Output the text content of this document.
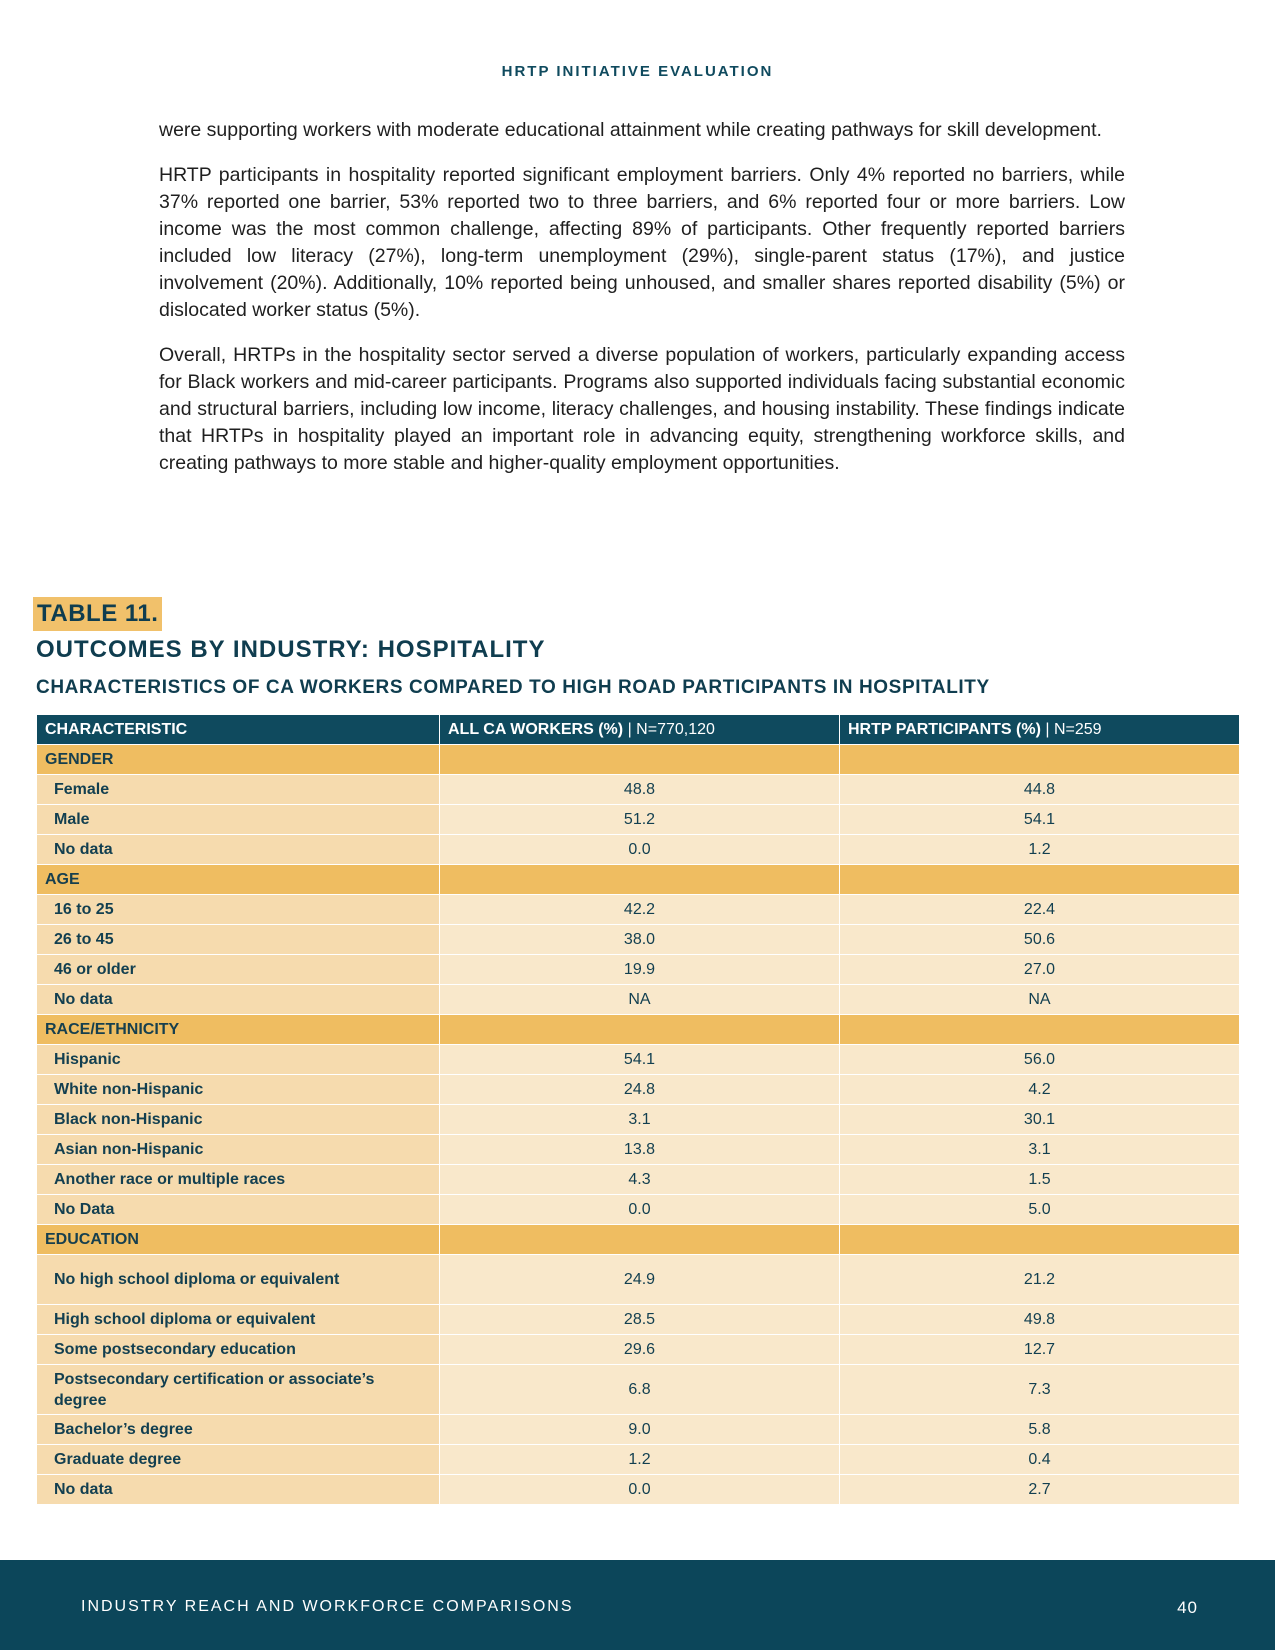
HRTP INITIATIVE EVALUATION

were supporting workers with moderate educational attainment while creating pathways for skill development.

HRTP participants in hospitality reported significant employment barriers. Only 4% reported no barriers, while 37% reported one barrier, 53% reported two to three barriers, and 6% reported four or more barriers. Low income was the most common challenge, affecting 89% of participants. Other frequently reported barriers included low literacy (27%), long-term unemployment (29%), single-parent status (17%), and justice involvement (20%). Additionally, 10% reported being unhoused, and smaller shares reported disability (5%) or dislocated worker status (5%).

Overall, HRTPs in the hospitality sector served a diverse population of workers, particularly expanding access for Black workers and mid-career participants. Programs also supported individuals facing substantial economic and structural barriers, including low income, literacy challenges, and housing instability. These findings indicate that HRTPs in hospitality played an important role in advancing equity, strengthening workforce skills, and creating pathways to more stable and higher-quality employment opportunities.

TABLE 11.
OUTCOMES BY INDUSTRY: HOSPITALITY
CHARACTERISTICS OF CA WORKERS COMPARED TO HIGH ROAD PARTICIPANTS IN HOSPITALITY
CHARACTERISTIC	ALL CA WORKERS (%) | N=770,120	HRTP PARTICIPANTS (%) | N=259
GENDER		
Female	48.8	44.8
Male	51.2	54.1
No data	0.0	1.2
AGE		
16 to 25	42.2	22.4
26 to 45	38.0	50.6
46 or older	19.9	27.0
No data	NA	NA
RACE/ETHNICITY		
Hispanic	54.1	56.0
White non-Hispanic	24.8	4.2
Black non-Hispanic	3.1	30.1
Asian non-Hispanic	13.8	3.1
Another race or multiple races	4.3	1.5
No Data	0.0	5.0
EDUCATION		
No high school diploma or equivalent	24.9	21.2
High school diploma or equivalent	28.5	49.8
Some postsecondary education	29.6	12.7
Postsecondary certification or associate’s degree	6.8	7.3
Bachelor’s degree	9.0	5.8
Graduate degree	1.2	0.4
No data	0.0	2.7
INDUSTRY REACH AND WORKFORCE COMPARISONS	40
